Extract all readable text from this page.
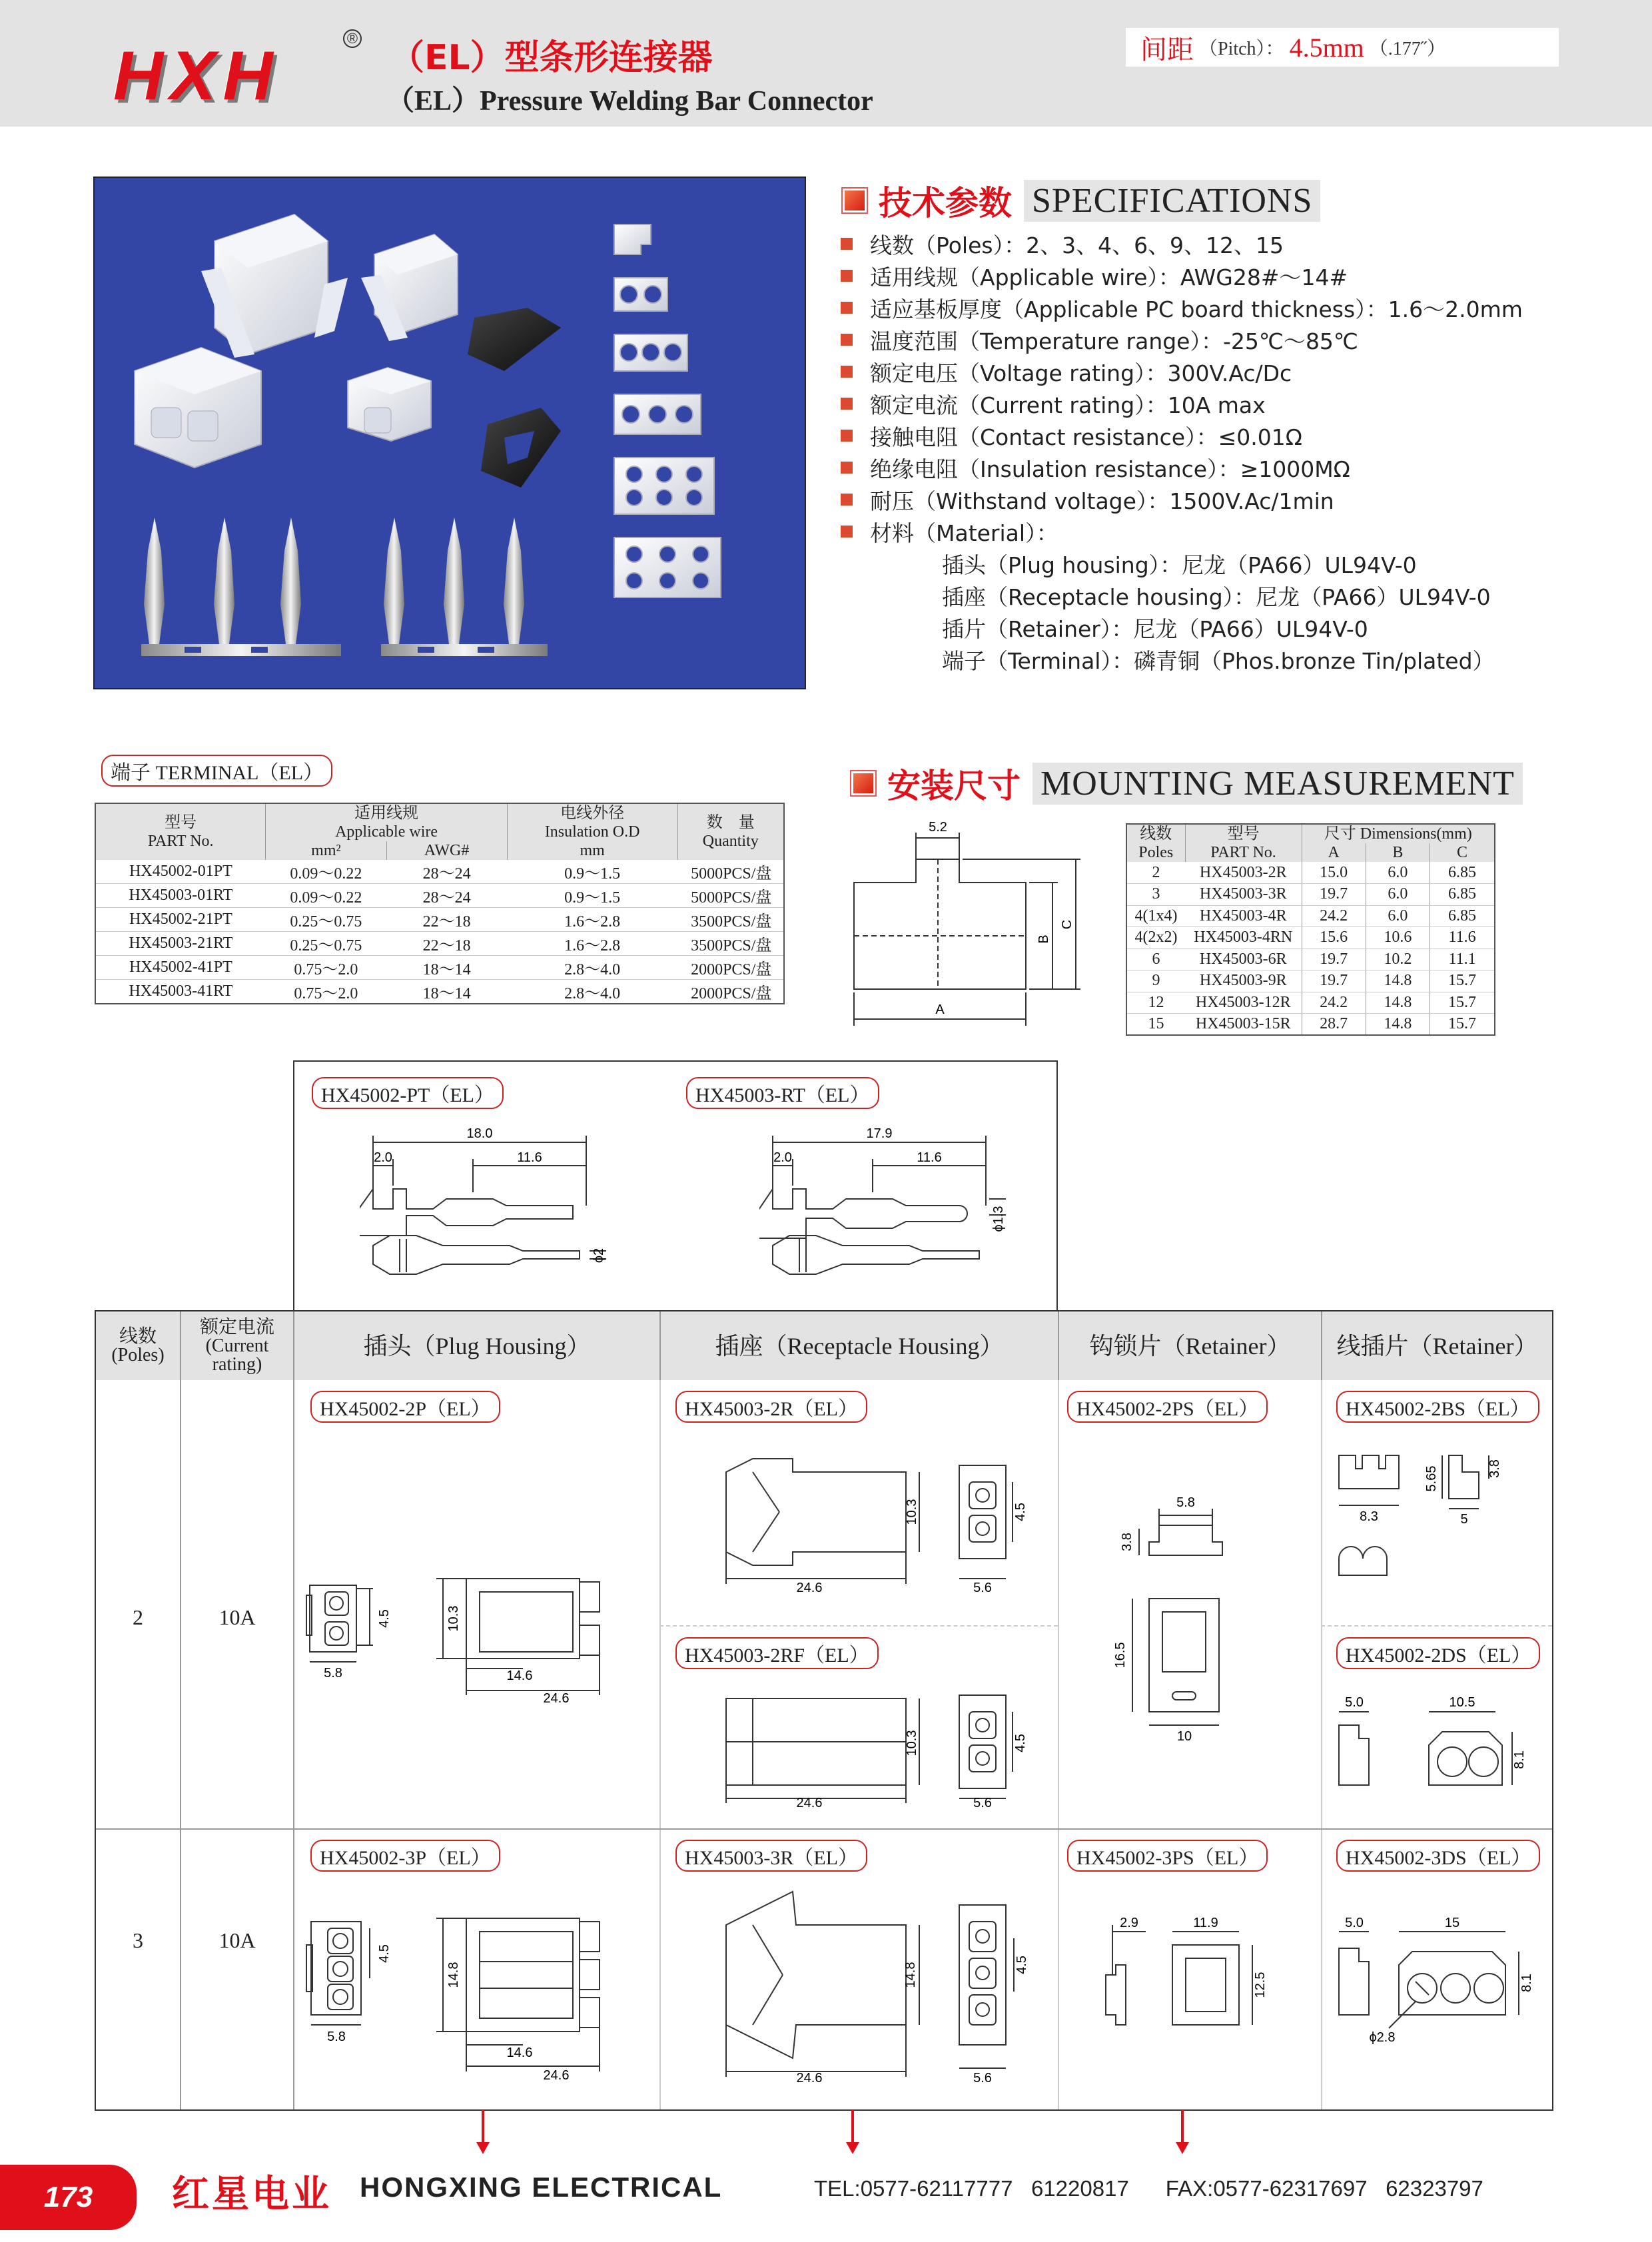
HXH	® （EL）型条形连接器
（EL）Pressure Welding Bar Connector
间距 （Pitch）： 4.5mm （.177˝）
技术参数 SPECIFICATIONS
线数（Poles）：2、3、4、6、9、12、15
适用线规（Applicable wire）：AWG28#～14#
适应基板厚度（Applicable PC board thickness）：1.6～2.0mm
温度范围（Temperature range）：-25℃～85℃
额定电压（Voltage rating）：300V.Ac/Dc
额定电流（Current rating）：10A max
接触电阻（Contact resistance）：≤0.01Ω
绝缘电阻（Insulation resistance）：≥1000MΩ
耐压（Withstand voltage）：1500V.Ac/1min
材料（Material）：
插头（Plug housing）：尼龙（PA66）UL94V-0
插座（Receptacle housing）：尼龙（PA66）UL94V-0
插片（Retainer）：尼龙（PA66）UL94V-0
端子（Terminal）：磷青铜（Phos.bronze Tin/plated）
端子 TERMINAL（EL）
型号
PART No.	适用线规
Applicable wire		电线外径
Insulation O.D	数　量
Quantity
	mm²	AWG#	mm	
HX45002-01PT	0.09～0.22	28～24	0.9～1.5	5000PCS/盘
HX45003-01RT	0.09～0.22	28～24	0.9～1.5	5000PCS/盘
HX45002-21PT	0.25～0.75	22～18	1.6～2.8	3500PCS/盘
HX45003-21RT	0.25～0.75	22～18	1.6～2.8	3500PCS/盘
HX45002-41PT	0.75～2.0	18～14	2.8～4.0	2000PCS/盘
HX45003-41RT	0.75～2.0	18～14	2.8～4.0	2000PCS/盘
安装尺寸 MOUNTING MEASUREMENT
5.2
A
B
C
线数
Poles	型号
PART No.	尺寸 Dimensions(mm)		
		A	B	C
2	HX45003-2R	15.0	6.0	6.85
3	HX45003-3R	19.7	6.0	6.85
4(1x4)	HX45003-4R	24.2	6.0	6.85
4(2x2)	HX45003-4RN	15.6	10.6	11.6
6	HX45003-6R	19.7	10.2	11.1
9	HX45003-9R	19.7	14.8	15.7
12	HX45003-12R	24.2	14.8	15.7
15	HX45003-15R	28.7	14.8	15.7
HX45002-PT（EL）	HX45003-RT（EL）
18.0
2.0	11.6
ϕ2
17.9
2.0	11.6
ϕ1.3
线数
(Poles)
额定电流
(Current
rating)
插头（Plug Housing）	插座（Receptacle Housing）	钩锁片（Retainer）	线插片（Retainer）
2	10A
HX45002-2P（EL）	HX45003-2R（EL）
HX45003-2RF（EL）
HX45002-2PS（EL）	HX45002-2BS（EL）
HX45002-2DS（EL）
4.5	10.3
5.8	14.6
24.6
24.6
10.3	4.5
5.6
24.6
10.3	4.5
5.6
5.8
3.8
16.5
10
8.3
5.65	3.8
5
5.0	10.5
8.1
3	10A
HX45002-3P（EL）	HX45003-3R（EL）	HX45002-3PS（EL）	HX45002-3DS（EL）
4.5
14.8
5.8
14.6
24.6	24.6
14.8	4.5
5.6
2.9	11.9
12.5
5.0	15
8.1
ϕ2.8
173	红星电业 HONGXING ELECTRICAL	TEL:0577-62117777   61220817      FAX:0577-62317697   62323797
